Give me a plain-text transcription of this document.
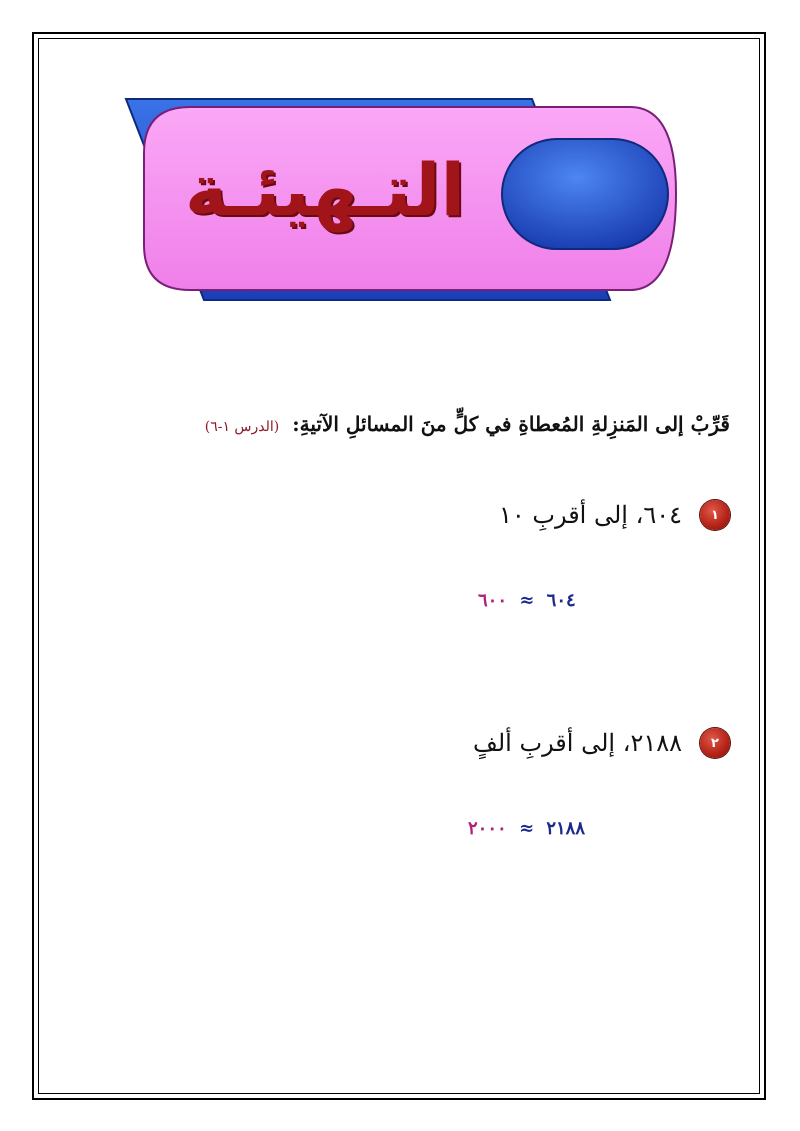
التـهيئـة
قَرِّبْ إلى المَنزِلةِ المُعطاةِ في كلٍّ منَ المسائلِ الآتيةِ: (الدرس ١-٦)
١
٦٠٤، إلى أقربِ ١٠
٦٠٤ ≈ ٦٠٠
٢
٢١٨٨، إلى أقربِ ألفٍ
٢١٨٨ ≈ ٢٠٠٠
